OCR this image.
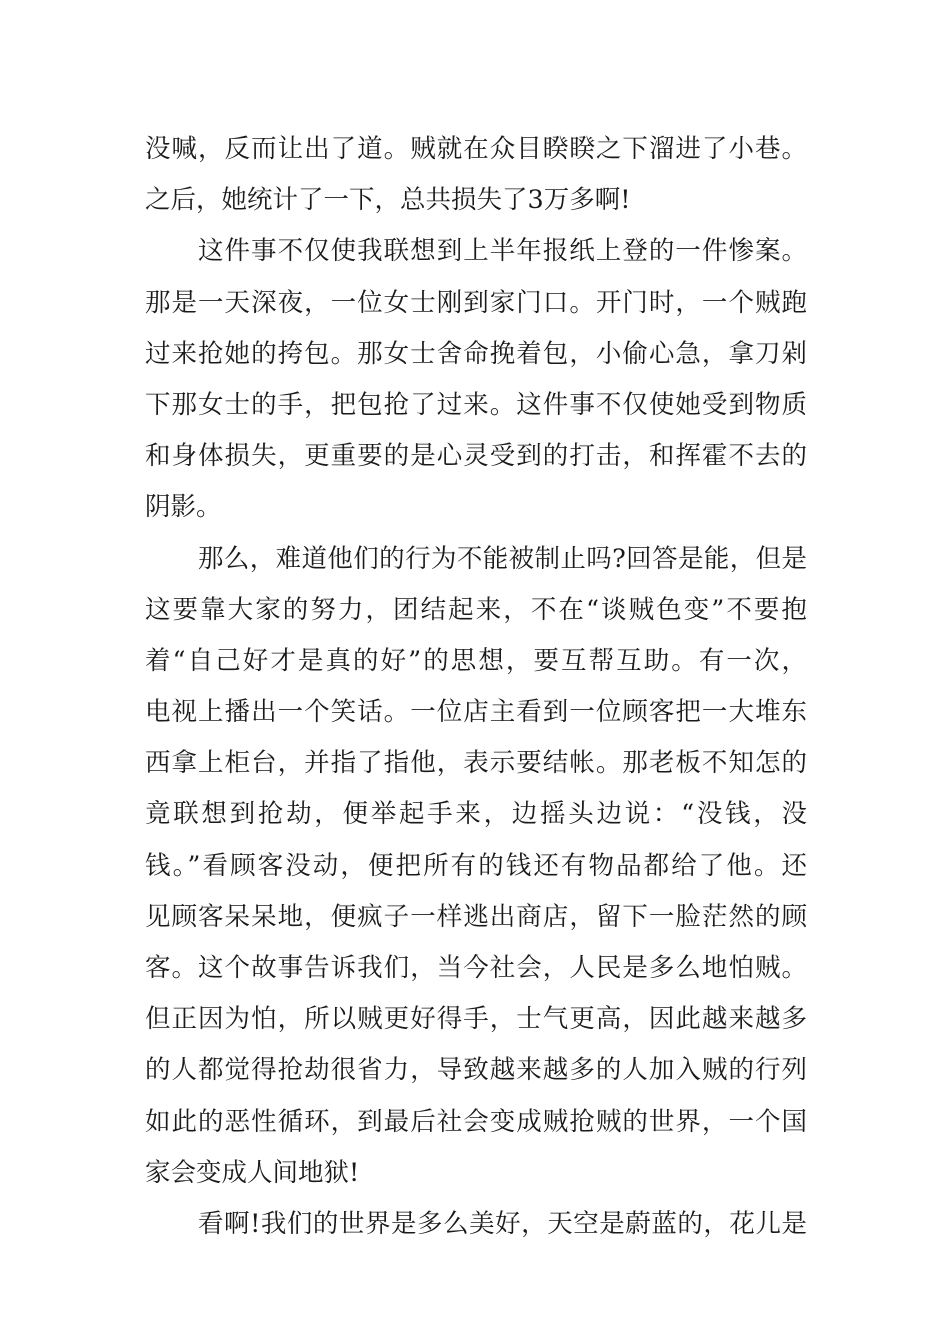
没喊，反而让出了道。贼就在众目睽睽之下溜进了小巷。
之后，她统计了一下，总共损失了3万多啊!
这件事不仅使我联想到上半年报纸上登的一件惨案。
那是一天深夜，一位女士刚到家门口。开门时，一个贼跑
过来抢她的挎包。那女士舍命挽着包，小偷心急，拿刀剁
下那女士的手，把包抢了过来。这件事不仅使她受到物质
和身体损失，更重要的是心灵受到的打击，和挥霍不去的
阴影。
那么，难道他们的行为不能被制止吗?回答是能，但是
这要靠大家的努力，团结起来，不在“谈贼色变”不要抱
着“自己好才是真的好”的思想，要互帮互助。有一次，
电视上播出一个笑话。一位店主看到一位顾客把一大堆东
西拿上柜台，并指了指他，表示要结帐。那老板不知怎的
竟联想到抢劫，便举起手来，边摇头边说：“没钱，没
钱。”看顾客没动，便把所有的钱还有物品都给了他。还
见顾客呆呆地，便疯子一样逃出商店，留下一脸茫然的顾
客。这个故事告诉我们，当今社会，人民是多么地怕贼。
但正因为怕，所以贼更好得手，士气更高，因此越来越多
的人都觉得抢劫很省力，导致越来越多的人加入贼的行列
如此的恶性循环，到最后社会变成贼抢贼的世界，一个国
家会变成人间地狱!
看啊!我们的世界是多么美好，天空是蔚蓝的，花儿是
